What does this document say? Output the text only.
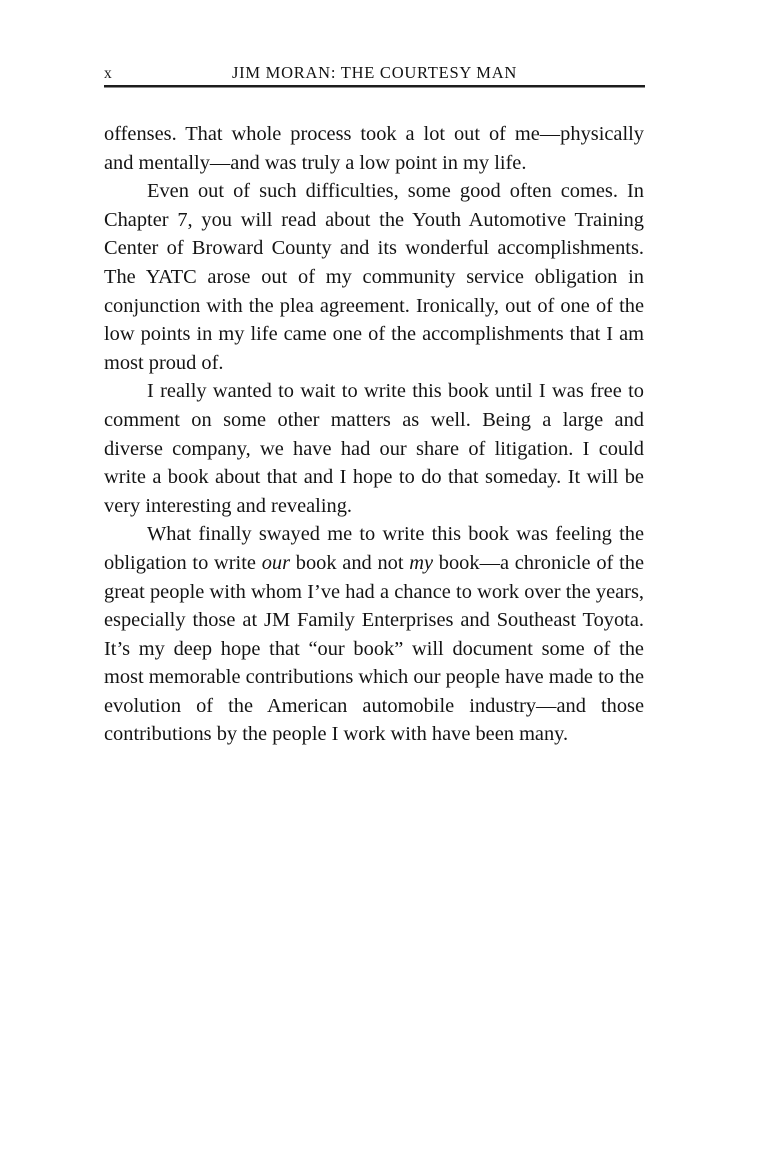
x	JIM MORAN: THE COURTESY MAN

offenses. That whole process took a lot out of me—physically and mentally—and was truly a low point in my life.

Even out of such difficulties, some good often comes. In Chapter 7, you will read about the Youth Automotive Training Center of Broward County and its wonderful accomplishments. The YATC arose out of my community service obligation in conjunction with the plea agreement. Ironically, out of one of the low points in my life came one of the accomplishments that I am most proud of.

I really wanted to wait to write this book until I was free to comment on some other matters as well. Being a large and diverse company, we have had our share of litigation. I could write a book about that and I hope to do that someday. It will be very interesting and revealing.

What finally swayed me to write this book was feeling the obligation to write our book and not my book—a chronicle of the great people with whom I’ve had a chance to work over the years, especially those at JM Family Enterprises and Southeast Toyota. It’s my deep hope that “our book” will document some of the most memorable contributions which our people have made to the evolution of the American automobile industry—and those contributions by the people I work with have been many.
